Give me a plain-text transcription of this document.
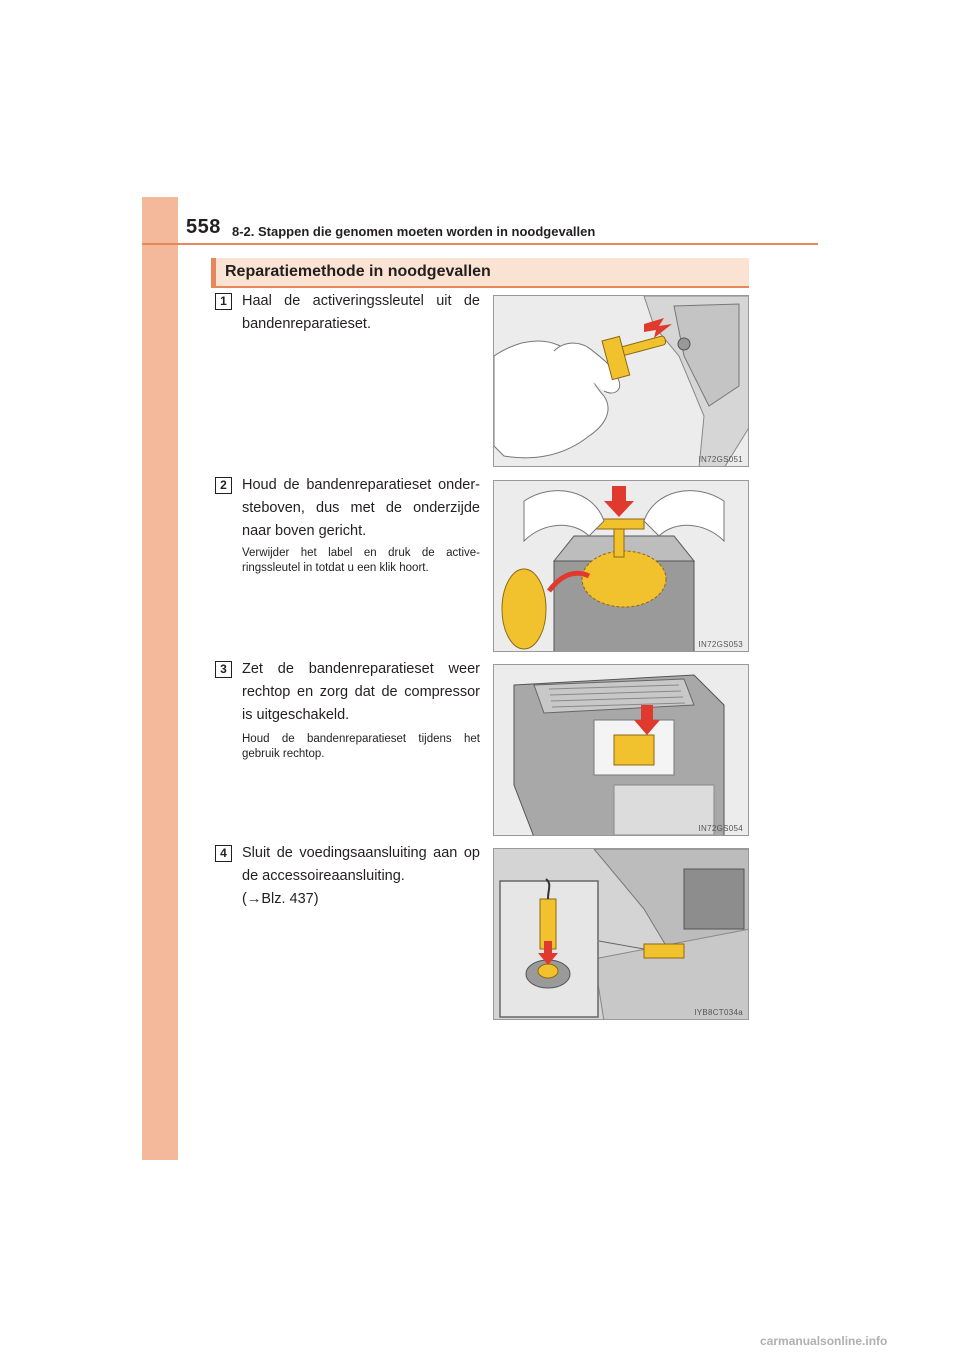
558 8-2. Stappen die genomen moeten worden in noodgevallen
Reparatiemethode in noodgevallen
1	Haal de activeringssleutel uit de bandenreparatieset.
IN72GS051
2	Houd de bandenreparatieset onder-steboven, dus met de onderzijde naar boven gericht.
Verwijder het label en druk de active-ringssleutel in totdat u een klik hoort.
IN72GS053
3	Zet de bandenreparatieset weer rechtop en zorg dat de compressor is uitgeschakeld.
Houd de bandenreparatieset tijdens het gebruik rechtop.
IN72GS054
4	Sluit de voedingsaansluiting aan op de accessoireaansluiting.
(→Blz. 437)
IYB8CT034a
carmanualsonline.info
